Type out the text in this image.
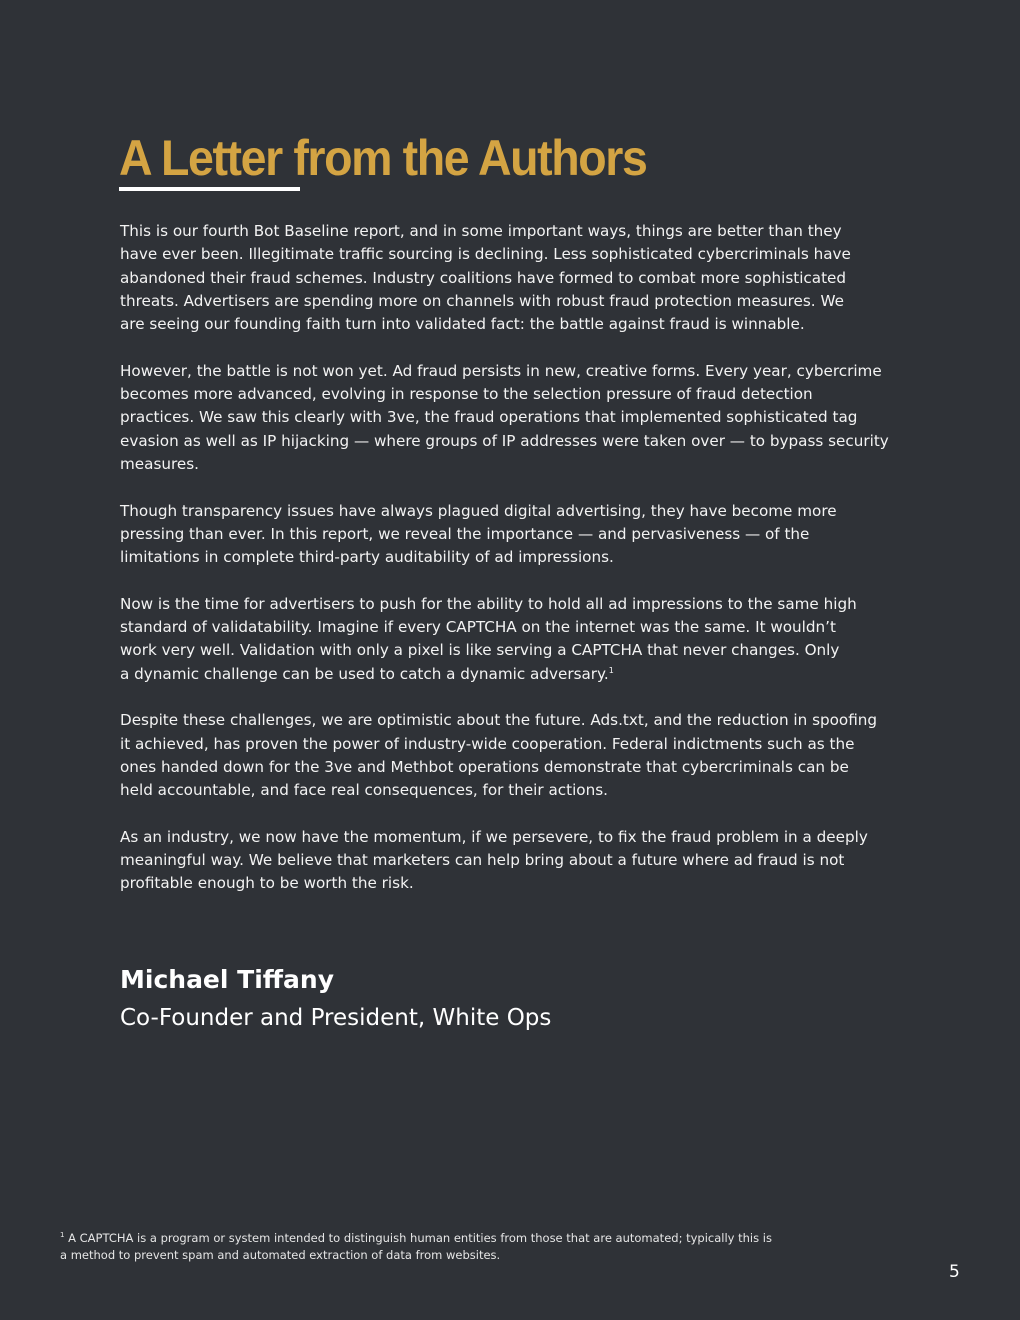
A Letter from the Authors

This is our fourth Bot Baseline report, and in some important ways, things are better than they
have ever been. Illegitimate traffic sourcing is declining. Less sophisticated cybercriminals have
abandoned their fraud schemes. Industry coalitions have formed to combat more sophisticated
threats. Advertisers are spending more on channels with robust fraud protection measures. We
are seeing our founding faith turn into validated fact: the battle against fraud is winnable.

However, the battle is not won yet. Ad fraud persists in new, creative forms. Every year, cybercrime
becomes more advanced, evolving in response to the selection pressure of fraud detection
practices. We saw this clearly with 3ve, the fraud operations that implemented sophisticated tag
evasion as well as IP hijacking — where groups of IP addresses were taken over — to bypass security
measures.

Though transparency issues have always plagued digital advertising, they have become more
pressing than ever. In this report, we reveal the importance — and pervasiveness — of the
limitations in complete third-party auditability of ad impressions.

Now is the time for advertisers to push for the ability to hold all ad impressions to the same high
standard of validatability. Imagine if every CAPTCHA on the internet was the same. It wouldn’t
work very well. Validation with only a pixel is like serving a CAPTCHA that never changes. Only
a dynamic challenge can be used to catch a dynamic adversary.$^1$

Despite these challenges, we are optimistic about the future. Ads.txt, and the reduction in spoofing
it achieved, has proven the power of industry-wide cooperation. Federal indictments such as the
ones handed down for the 3ve and Methbot operations demonstrate that cybercriminals can be
held accountable, and face real consequences, for their actions.

As an industry, we now have the momentum, if we persevere, to fix the fraud problem in a deeply
meaningful way. We believe that marketers can help bring about a future where ad fraud is not
profitable enough to be worth the risk.

Michael Tiffany
Co-Founder and President, White Ops
$^1$ A CAPTCHA is a program or system intended to distinguish human entities from those that are automated; typically this is
a method to prevent spam and automated extraction of data from websites.
5
